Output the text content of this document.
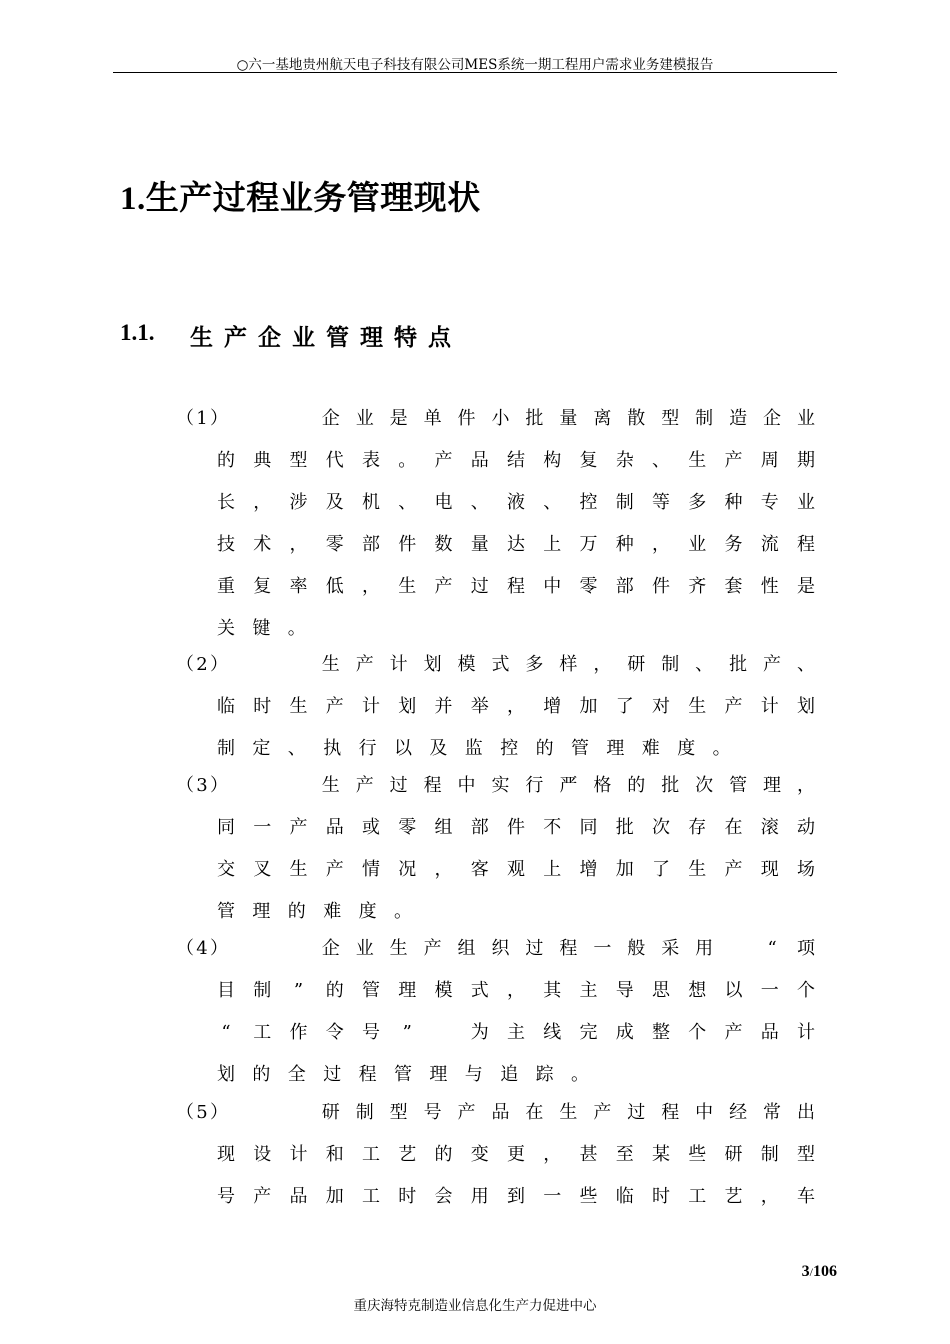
○六一基地贵州航天电子科技有限公司MES系统一期工程用户需求业务建模报告
1.生产过程业务管理现状
1.1. 生产企业管理特点
（ 1 ）
　	企 业 是 单 件 小 批 量 离 散 型 制 造 企 业
的 典 型 代 表 。 产 品 结 构 复 杂 、 生 产 周 期
长 ， 涉 及 机 、 电 、 液 、 控 制 等 多 种 专 业
技 术 ， 零 部 件 数 量 达 上 万 种 ， 业 务 流 程
重 复 率 低 ， 生 产 过 程 中 零 部 件 齐 套 性 是
关 键 。
（ 2 ）
　	生 产 计 划 模 式 多 样 ， 研 制 、 批 产 、
临 时 生 产 计 划 并 举 ， 增 加 了 对 生 产 计 划
制 定 、 执 行 以 及 监 控 的 管 理 难 度 。
（ 3 ）
　	生 产 过 程 中 实 行 严 格 的 批 次 管 理 ，
同 一 产 品 或 零 组 部 件 不 同 批 次 存 在 滚 动
交 叉 生 产 情 况 ， 客 观 上 增 加 了 生 产 现 场
管 理 的 难 度 。
（ 4 ）
　	企 业 生 产 组 织 过 程 一 般 采 用
　	“	项
目 制 ”	的 管 理 模 式 ， 其 主 导 思 想 以 一 个
“	工 作 令 号 ”
　	为 主 线 完 成 整 个 产 品 计
划 的 全 过 程 管 理 与 追 踪 。
（ 5 ）
　	研 制 型 号 产 品 在 生 产 过 程 中 经 常 出
现 设 计 和 工 艺 的 变 更 ， 甚 至 某 些 研 制 型
号 产 品 加 工 时 会 用 到 一 些 临 时 工 艺 ， 车
3/106
重庆海特克制造业信息化生产力促进中心
